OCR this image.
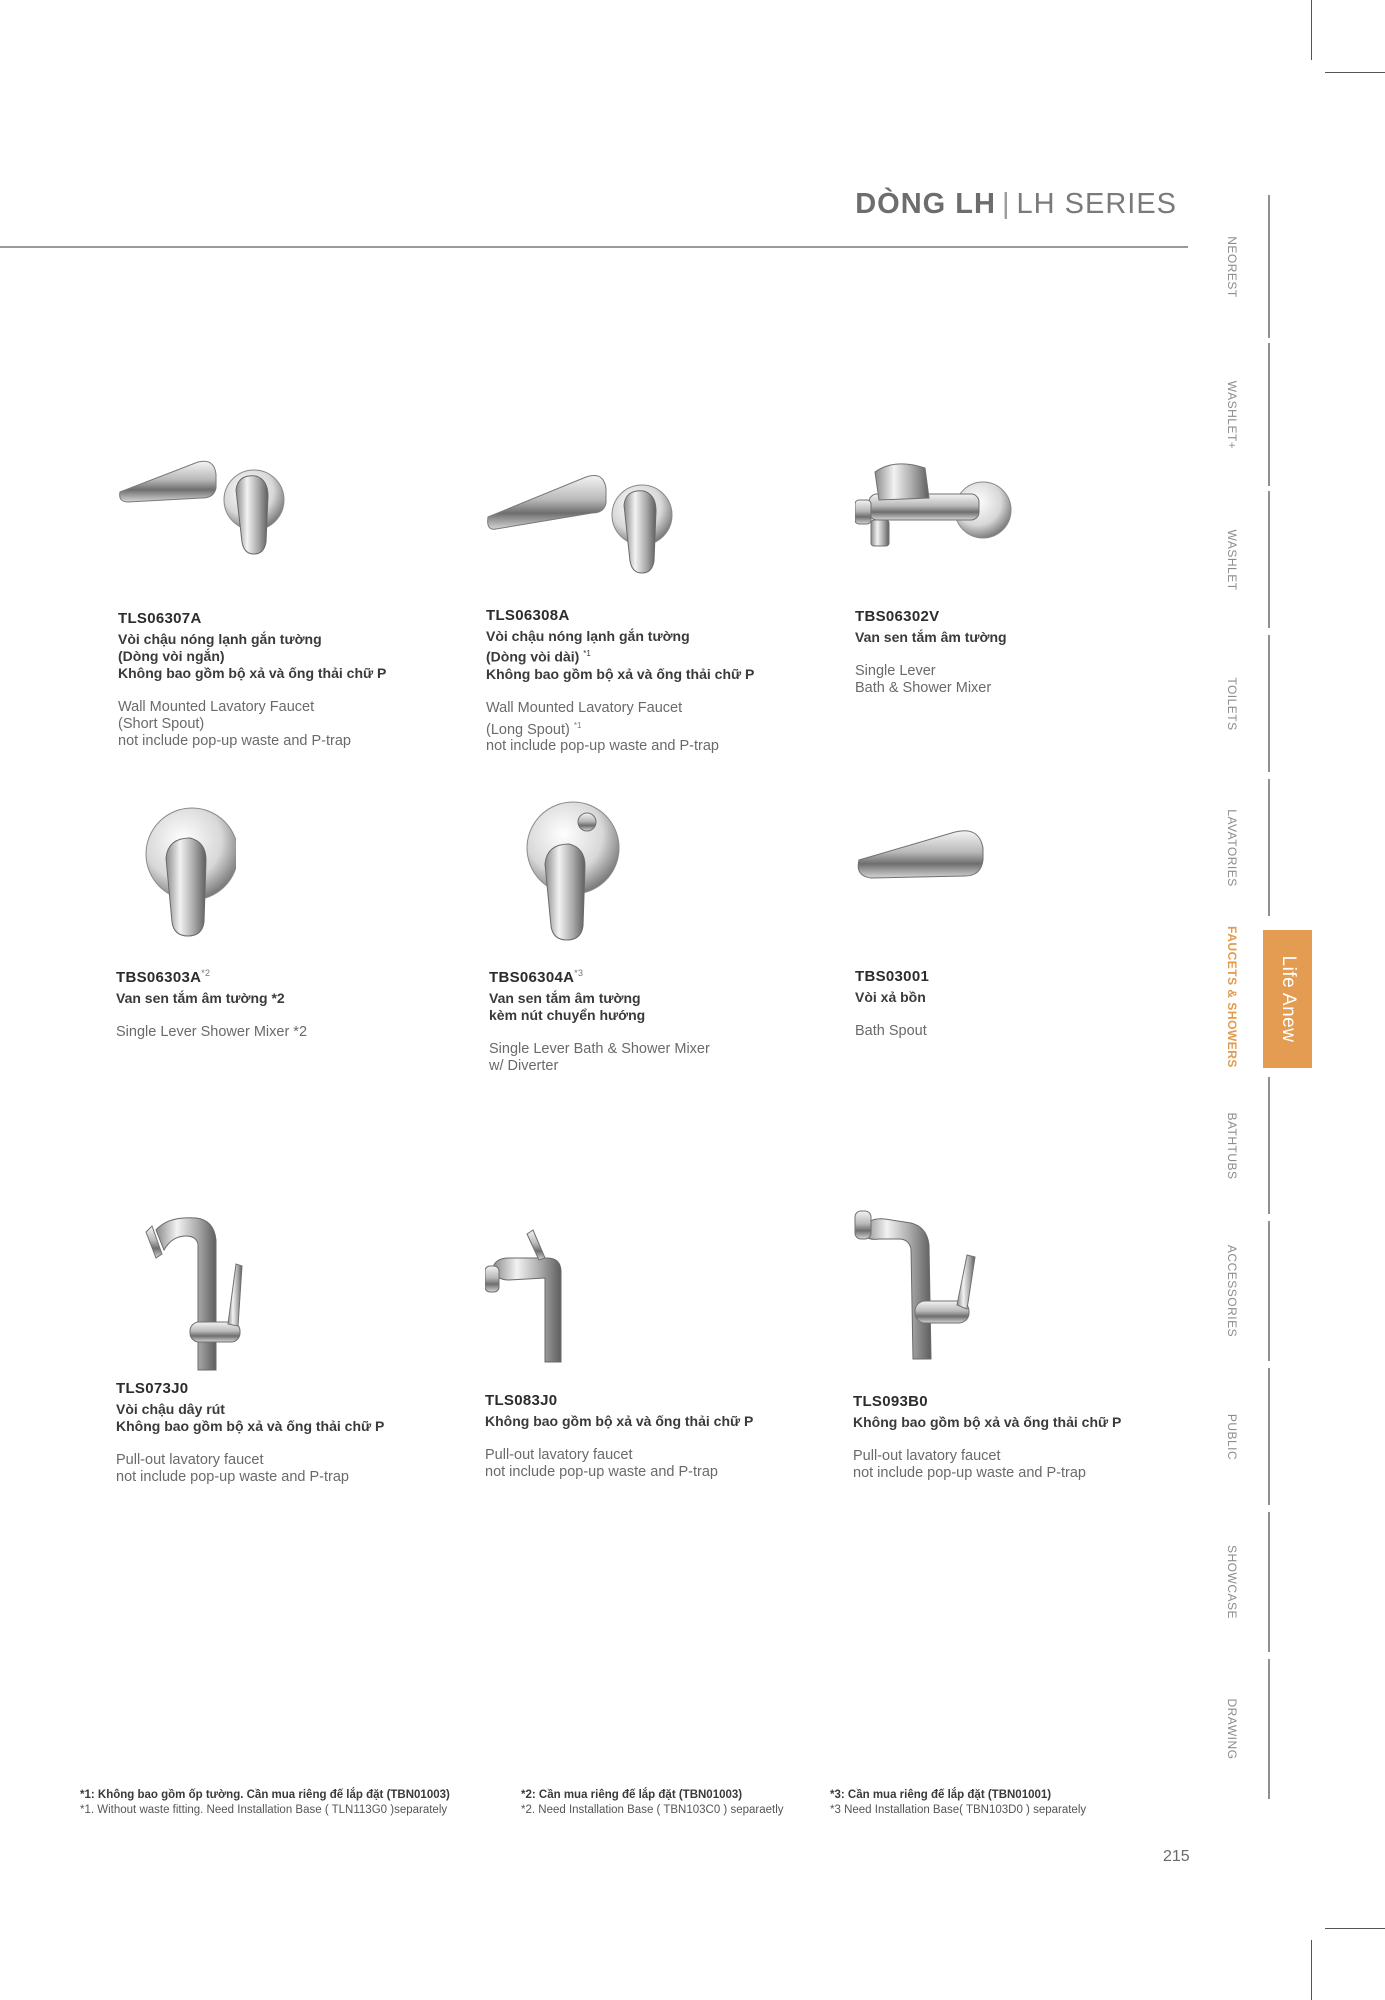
DÒNG LH | LH SERIES
NEOREST
WASHLET+
WASHLET
TOILETS
LAVATORIES
FAUCETS & SHOWERS
BATHTUBS
ACCESSORIES
PUBLIC
SHOWCASE
DRAWING
Life Anew
TLS06307A
Vòi chậu nóng lạnh gắn tường
(Dòng vòi ngắn)
Không bao gồm bộ xả và ống thải chữ P
Wall Mounted Lavatory Faucet
(Short Spout)
not include pop-up waste and P-trap
TLS06308A
Vòi chậu nóng lạnh gắn tường
(Dòng vòi dài) $^{*1}$
Không bao gồm bộ xả và ống thải chữ P
Wall Mounted Lavatory Faucet
(Long Spout) $^{*1}$
not include pop-up waste and P-trap
TBS06302V
Van sen tắm âm tường
Single Lever
Bath & Shower Mixer
$TBS06303A^{*2}$
Van sen tắm âm tường *2
Single Lever Shower Mixer *2
$TBS06304A^{*3}$
Van sen tắm âm tường
kèm nút chuyển hướng
Single Lever Bath & Shower Mixer
w/ Diverter
TBS03001
Vòi xả bồn
Bath Spout
TLS073J0
Vòi chậu dây rút
Không bao gồm bộ xả và ống thải chữ P
Pull-out lavatory faucet
not include pop-up waste and P-trap
TLS083J0
Không bao gồm bộ xả và ống thải chữ P
Pull-out lavatory faucet
not include pop-up waste and P-trap
TLS093B0
Không bao gồm bộ xả và ống thải chữ P
Pull-out lavatory faucet
not include pop-up waste and P-trap
*1: Không bao gồm ốp tường. Cần mua riêng đế lắp đặt (TBN01003)
*1. Without waste fitting. Need Installation Base ( TLN113G0 )separately
*2: Cần mua riêng đế lắp đặt (TBN01003)
*2. Need Installation Base ( TBN103C0 ) separaetly
*3: Cần mua riêng đế lắp đặt (TBN01001)
*3 Need Installation Base( TBN103D0 ) separately
215
